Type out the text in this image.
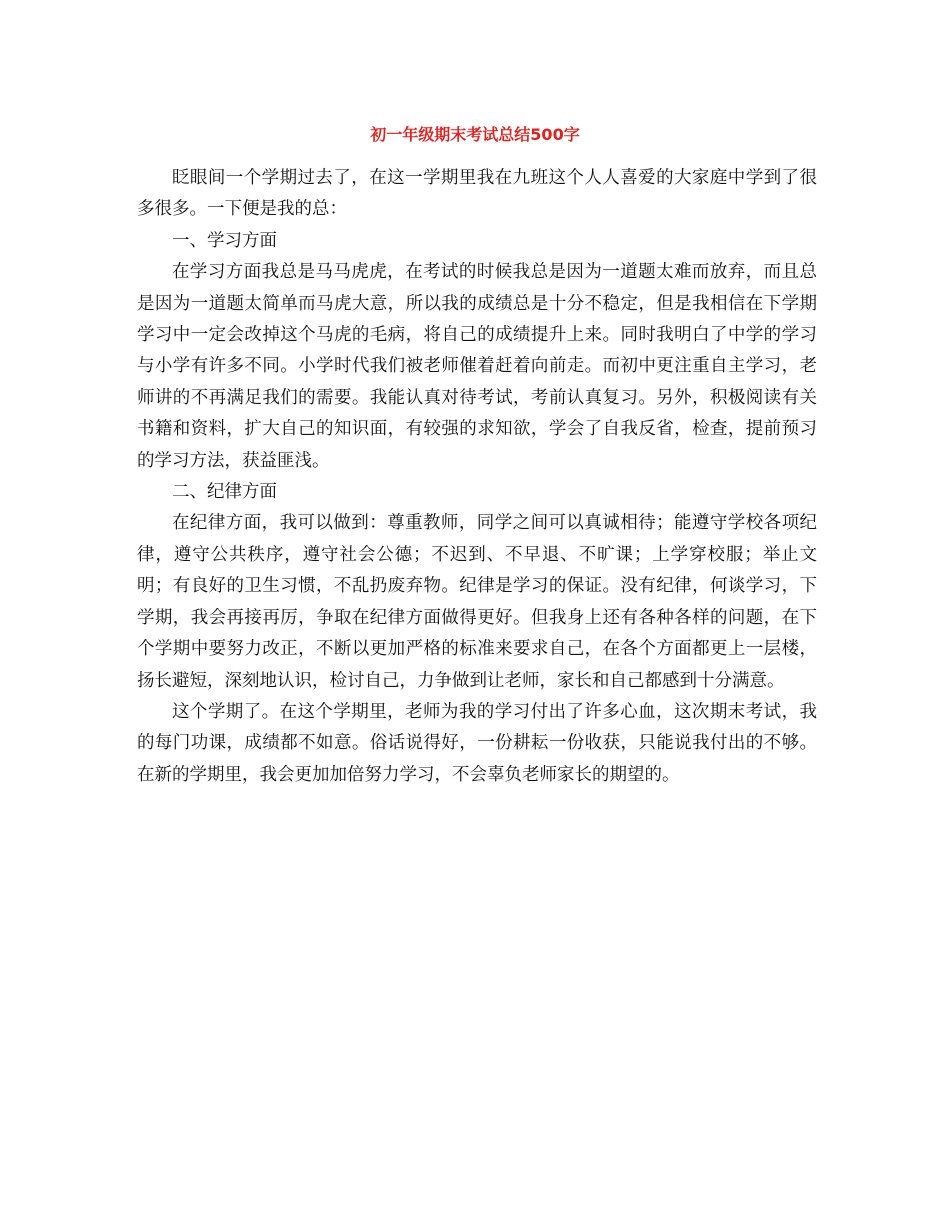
初一年级期末考试总结500字

眨眼间一个学期过去了，在这一学期里我在九班这个人人喜爱的大家庭中学到了很多很多。一下便是我的总：

一、学习方面

在学习方面我总是马马虎虎，在考试的时候我总是因为一道题太难而放弃，而且总是因为一道题太简单而马虎大意，所以我的成绩总是十分不稳定，但是我相信在下学期学习中一定会改掉这个马虎的毛病，将自己的成绩提升上来。同时我明白了中学的学习与小学有许多不同。小学时代我们被老师催着赶着向前走。而初中更注重自主学习，老师讲的不再满足我们的需要。我能认真对待考试，考前认真复习。另外，积极阅读有关书籍和资料，扩大自己的知识面，有较强的求知欲，学会了自我反省，检查，提前预习的学习方法，获益匪浅。

二、纪律方面

在纪律方面，我可以做到：尊重教师，同学之间可以真诚相待；能遵守学校各项纪律，遵守公共秩序，遵守社会公德；不迟到、不早退、不旷课；上学穿校服；举止文明；有良好的卫生习惯，不乱扔废弃物。纪律是学习的保证。没有纪律，何谈学习，下学期，我会再接再厉，争取在纪律方面做得更好。但我身上还有各种各样的问题，在下个学期中要努力改正，不断以更加严格的标准来要求自己，在各个方面都更上一层楼，扬长避短，深刻地认识，检讨自己，力争做到让老师，家长和自己都感到十分满意。

这个学期了。在这个学期里，老师为我的学习付出了许多心血，这次期末考试，我的每门功课，成绩都不如意。俗话说得好，一份耕耘一份收获，只能说我付出的不够。在新的学期里，我会更加加倍努力学习，不会辜负老师家长的期望的。
